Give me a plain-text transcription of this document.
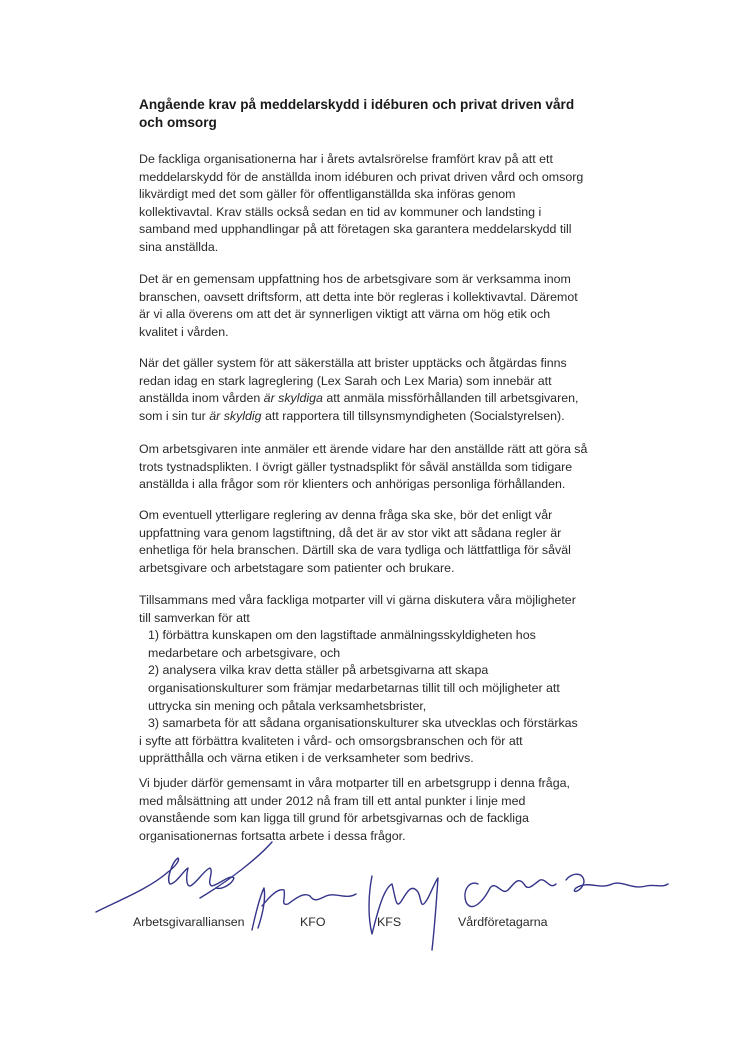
Angående krav på meddelarskydd i idéburen och privat driven vård
och omsorg
De fackliga organisationerna har i årets avtalsrörelse framfört krav på att ett
meddelarskydd för de anställda inom idéburen och privat driven vård och omsorg
likvärdigt med det som gäller för offentliganställda ska införas genom
kollektivavtal. Krav ställs också sedan en tid av kommuner och landsting i
samband med upphandlingar på att företagen ska garantera meddelarskydd till
sina anställda.
Det är en gemensam uppfattning hos de arbetsgivare som är verksamma inom
branschen, oavsett driftsform, att detta inte bör regleras i kollektivavtal. Däremot
är vi alla överens om att det är synnerligen viktigt att värna om hög etik och
kvalitet i vården.
När det gäller system för att säkerställa att brister upptäcks och åtgärdas finns
redan idag en stark lagreglering (Lex Sarah och Lex Maria) som innebär att
anställda inom vården är skyldiga att anmäla missförhållanden till arbetsgivaren,
som i sin tur är skyldig att rapportera till tillsynsmyndigheten (Socialstyrelsen).
Om arbetsgivaren inte anmäler ett ärende vidare har den anställde rätt att göra så
trots tystnadsplikten. I övrigt gäller tystnadsplikt för såväl anställda som tidigare
anställda i alla frågor som rör klienters och anhörigas personliga förhållanden.
Om eventuell ytterligare reglering av denna fråga ska ske, bör det enligt vår
uppfattning vara genom lagstiftning, då det är av stor vikt att sådana regler är
enhetliga för hela branschen. Därtill ska de vara tydliga och lättfattliga för såväl
arbetsgivare och arbetstagare som patienter och brukare.
Tillsammans med våra fackliga motparter vill vi gärna diskutera våra möjligheter
till samverkan för att
1) förbättra kunskapen om den lagstiftade anmälningsskyldigheten hos
medarbetare och arbetsgivare, och
2) analysera vilka krav detta ställer på arbetsgivarna att skapa
organisationskulturer som främjar medarbetarnas tillit till och möjligheter att
uttrycka sin mening och påtala verksamhetsbrister,
3) samarbeta för att sådana organisationskulturer ska utvecklas och förstärkas
i syfte att förbättra kvaliteten i vård- och omsorgsbranschen och för att
upprätthålla och värna etiken i de verksamheter som bedrivs.
Vi bjuder därför gemensamt in våra motparter till en arbetsgrupp i denna fråga,
med målsättning att under 2012 nå fram till ett antal punkter i linje med
ovanstående som kan ligga till grund för arbetsgivarnas och de fackliga
organisationernas fortsatta arbete i dessa frågor.
Arbetsgivaralliansen	KFO	KFS	Vårdföretagarna
